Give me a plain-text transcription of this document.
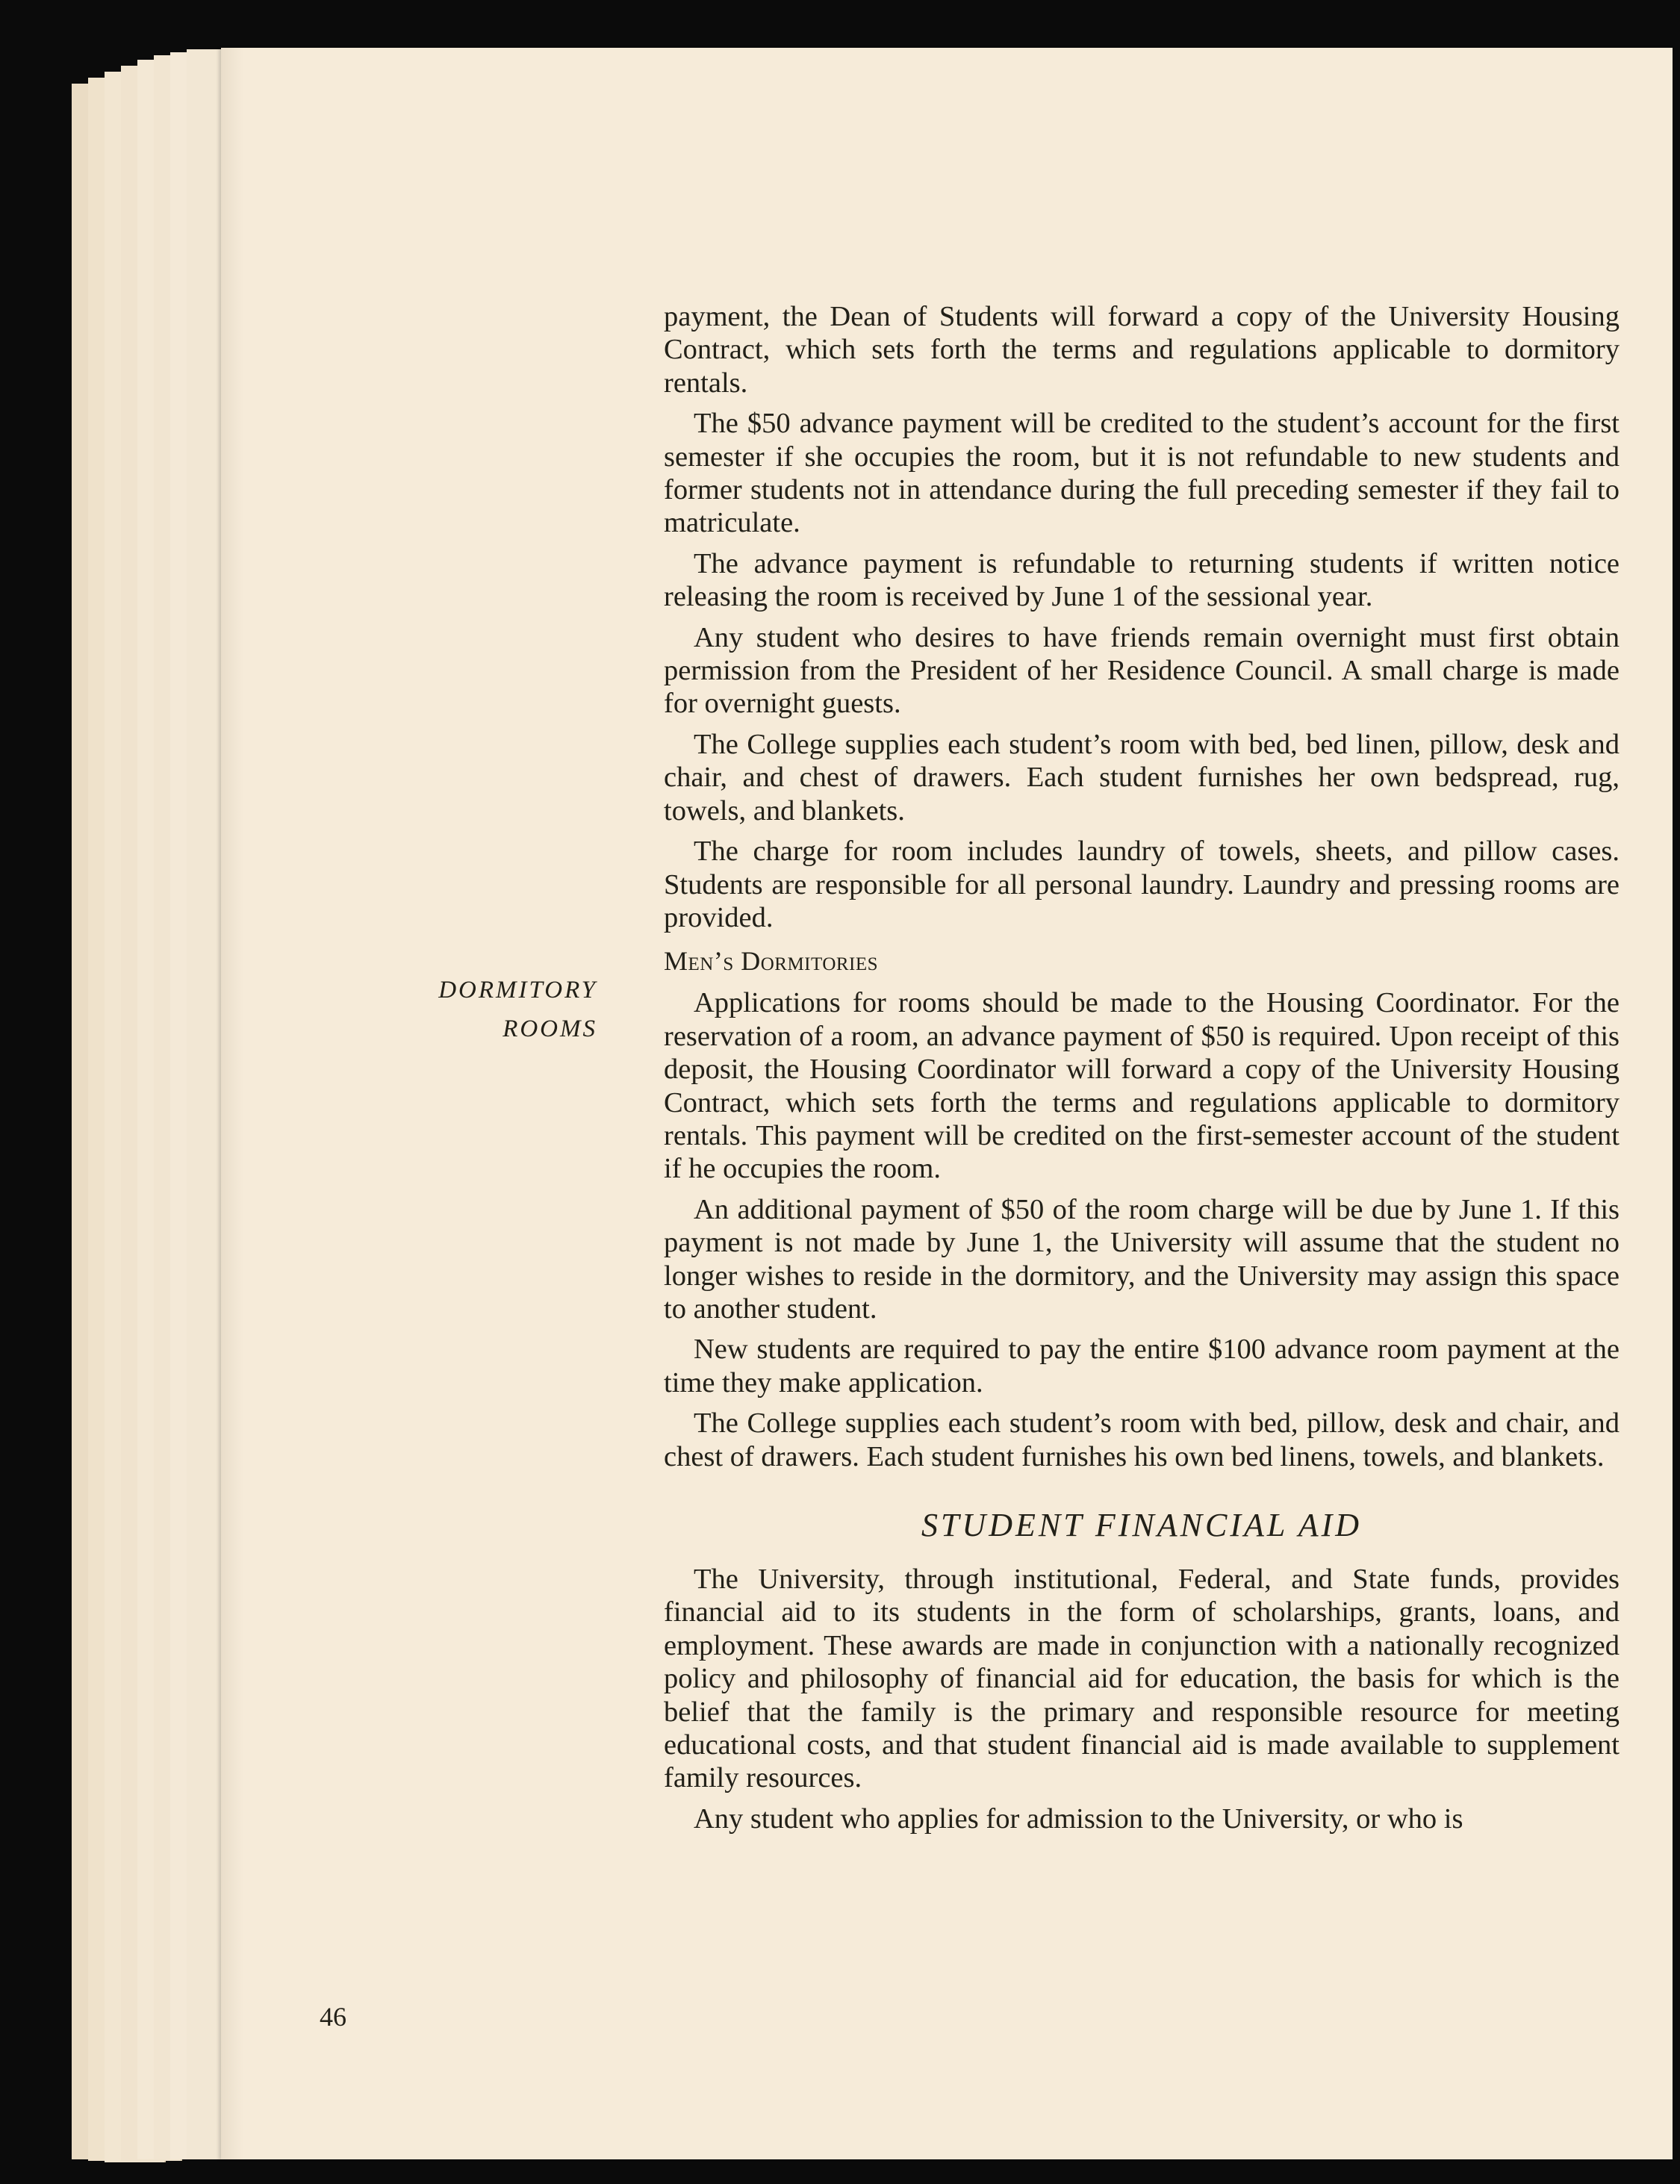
DORMITORY
ROOMS

payment, the Dean of Students will forward a copy of the University Housing Contract, which sets forth the terms and regulations applicable to dormitory rentals.

The $50 advance payment will be credited to the student’s account for the first semester if she occupies the room, but it is not refundable to new students and former students not in attendance during the full preceding semester if they fail to matriculate.

The advance payment is refundable to returning students if written notice releasing the room is received by June 1 of the sessional year.

Any student who desires to have friends remain overnight must first obtain permission from the President of her Residence Council. A small charge is made for overnight guests.

The College supplies each student’s room with bed, bed linen, pillow, desk and chair, and chest of drawers. Each student furnishes her own bedspread, rug, towels, and blankets.

The charge for room includes laundry of towels, sheets, and pillow cases. Students are responsible for all personal laundry. Laundry and pressing rooms are provided.

Men’s Dormitories

Applications for rooms should be made to the Housing Coordinator. For the reservation of a room, an advance payment of $50 is required. Upon receipt of this deposit, the Housing Coordinator will forward a copy of the University Housing Contract, which sets forth the terms and regulations applicable to dormitory rentals. This payment will be credited on the first-semester account of the student if he occupies the room.

An additional payment of $50 of the room charge will be due by June 1. If this payment is not made by June 1, the University will assume that the student no longer wishes to reside in the dormitory, and the University may assign this space to another student.

New students are required to pay the entire $100 advance room payment at the time they make application.

The College supplies each student’s room with bed, pillow, desk and chair, and chest of drawers. Each student furnishes his own bed linens, towels, and blankets.

STUDENT FINANCIAL AID

The University, through institutional, Federal, and State funds, provides financial aid to its students in the form of scholarships, grants, loans, and employment. These awards are made in conjunction with a nationally recognized policy and philosophy of financial aid for education, the basis for which is the belief that the family is the primary and responsible resource for meeting educational costs, and that student financial aid is made available to supplement family resources.

Any student who applies for admission to the University, or who is

46
